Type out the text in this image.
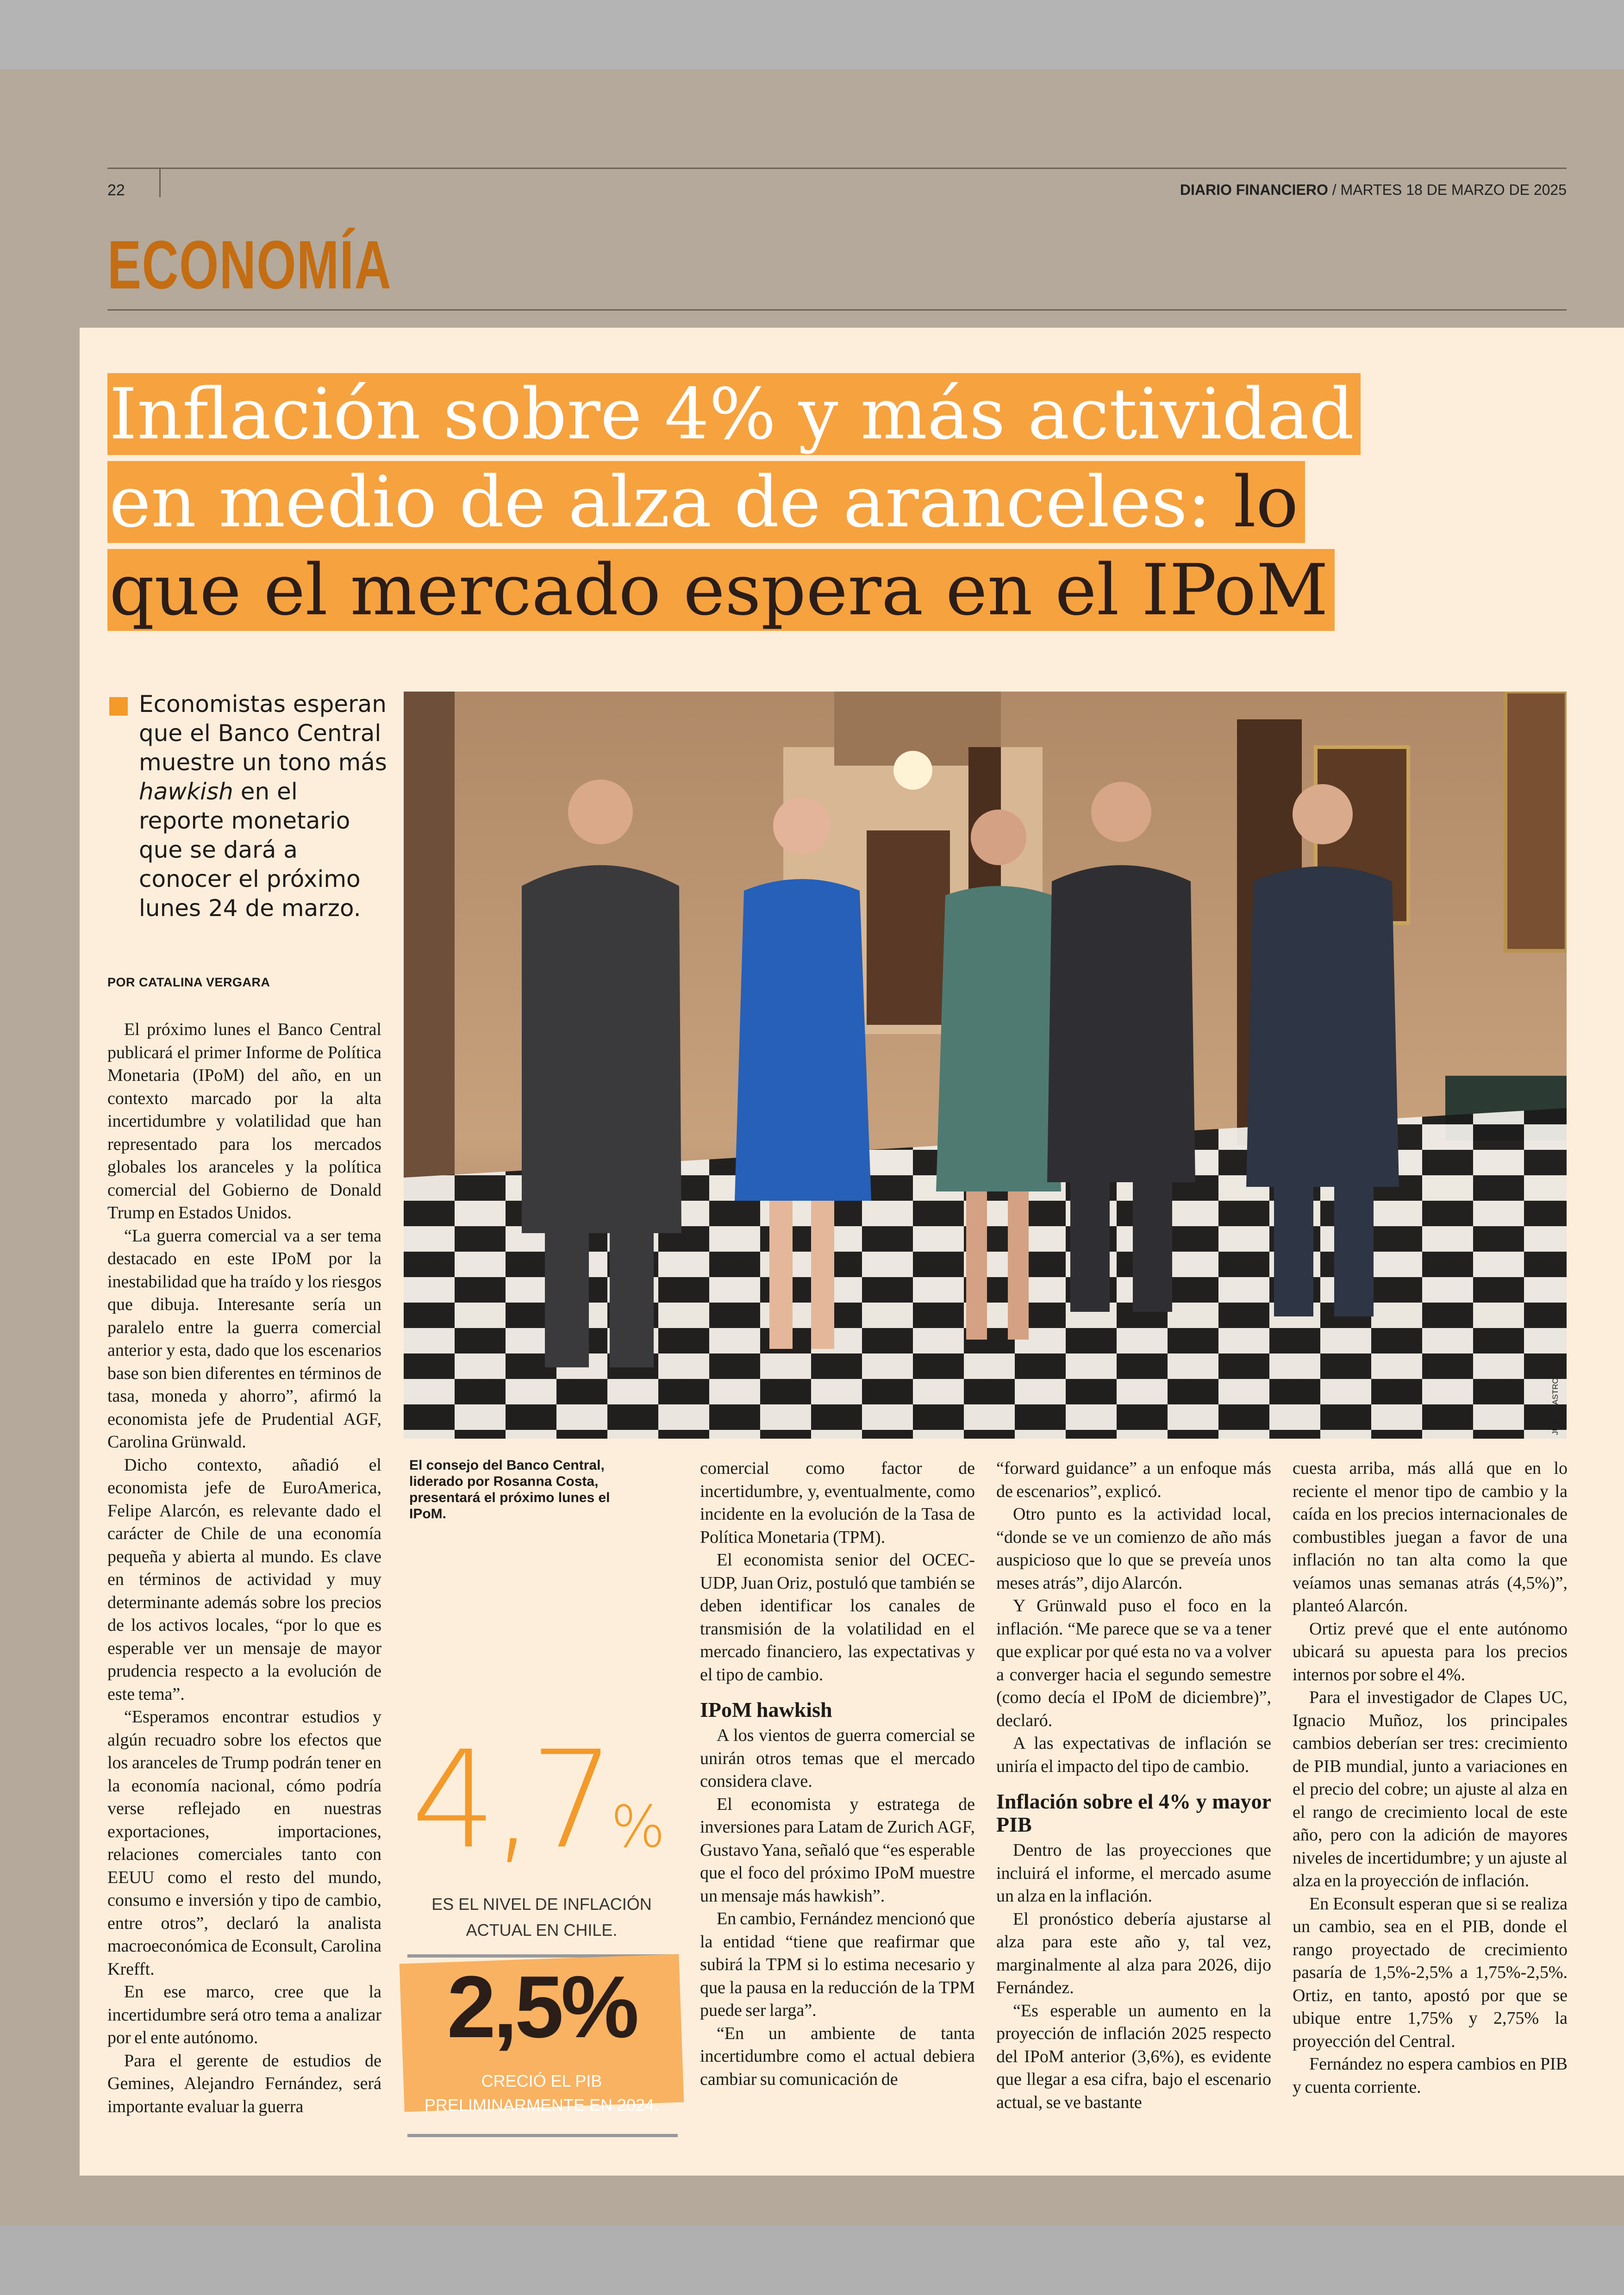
22	DIARIO FINANCIERO / MARTES 18 DE MARZO DE 2025
ECONOMÍA
Inflación sobre 4% y más actividad en medio de alza de aranceles: lo que el mercado espera en el IPoM

Economistas esperan que el Banco Central muestre un tono más hawkish en el reporte monetario que se dará a conocer el próximo lunes 24 de marzo.

POR CATALINA VERGARA
JULIO CASTRO

El consejo del Banco Central, liderado por Rosanna Costa, presentará el próximo lunes el IPoM.

El próximo lunes el Banco Central publicará el primer Informe de Política Monetaria (IPoM) del año, en un contexto marcado por la alta incertidumbre y volatilidad que han representado para los mercados globales los aranceles y la política comercial del Gobierno de Donald Trump en Estados Unidos.

“La guerra comercial va a ser tema destacado en este IPoM por la inestabilidad que ha traído y los riesgos que dibuja. Interesante sería un paralelo entre la guerra comercial anterior y esta, dado que los escenarios base son bien diferentes en términos de tasa, moneda y ahorro”, afirmó la economista jefe de Prudential AGF, Carolina Grünwald.

Dicho contexto, añadió el economista jefe de EuroAmerica, Felipe Alarcón, es relevante dado el carácter de Chile de una economía pequeña y abierta al mundo. Es clave en términos de actividad y muy determinante además sobre los precios de los activos locales, “por lo que es esperable ver un mensaje de mayor prudencia respecto a la evolución de este tema”.

“Esperamos encontrar estudios y algún recuadro sobre los efectos que los aranceles de Trump podrán tener en la economía nacional, cómo podría verse reflejado en nuestras exportaciones, importaciones, relaciones comerciales tanto con EEUU como el resto del mundo, consumo e inversión y tipo de cambio, entre otros”, declaró la analista macroeconómica de Econsult, Carolina Krefft.

En ese marco, cree que la incertidumbre será otro tema a analizar por el ente autónomo.

Para el gerente de estudios de Gemines, Alejandro Fernández, será importante evaluar la guerra

4,7%
ES EL NIVEL DE INFLACIÓN ACTUAL EN CHILE.
2,5%
CRECIÓ EL PIB PRELIMINARMENTE EN 2024.

comercial como factor de incertidumbre, y, eventualmente, como incidente en la evolución de la Tasa de Política Monetaria (TPM).

El economista senior del OCEC-UDP, Juan Oriz, postuló que también se deben identificar los canales de transmisión de la volatilidad en el mercado financiero, las expectativas y el tipo de cambio.

IPoM hawkish

A los vientos de guerra comercial se unirán otros temas que el mercado considera clave.

El economista y estratega de inversiones para Latam de Zurich AGF, Gustavo Yana, señaló que “es esperable que el foco del próximo IPoM muestre un mensaje más hawkish”.

En cambio, Fernández mencionó que la entidad “tiene que reafirmar que subirá la TPM si lo estima necesario y que la pausa en la reducción de la TPM puede ser larga”.

“En un ambiente de tanta incertidumbre como el actual debiera cambiar su comunicación de

“forward guidance” a un enfoque más de escenarios”, explicó.

Otro punto es la actividad local, “donde se ve un comienzo de año más auspicioso que lo que se preveía unos meses atrás”, dijo Alarcón.

Y Grünwald puso el foco en la inflación. “Me parece que se va a tener que explicar por qué esta no va a volver a converger hacia el segundo semestre (como decía el IPoM de diciembre)”, declaró.

A las expectativas de inflación se uniría el impacto del tipo de cambio.

Inflación sobre el 4% y mayor PIB

Dentro de las proyecciones que incluirá el informe, el mercado asume un alza en la inflación.

El pronóstico debería ajustarse al alza para este año y, tal vez, marginalmente al alza para 2026, dijo Fernández.

“Es esperable un aumento en la proyección de inflación 2025 respecto del IPoM anterior (3,6%), es evidente que llegar a esa cifra, bajo el escenario actual, se ve bastante

cuesta arriba, más allá que en lo reciente el menor tipo de cambio y la caída en los precios internacionales de combustibles juegan a favor de una inflación no tan alta como la que veíamos unas semanas atrás (4,5%)”, planteó Alarcón.

Ortiz prevé que el ente autónomo ubicará su apuesta para los precios internos por sobre el 4%.

Para el investigador de Clapes UC, Ignacio Muñoz, los principales cambios deberían ser tres: crecimiento de PIB mundial, junto a variaciones en el precio del cobre; un ajuste al alza en el rango de crecimiento local de este año, pero con la adición de mayores niveles de incertidumbre; y un ajuste al alza en la proyección de inflación.

En Econsult esperan que si se realiza un cambio, sea en el PIB, donde el rango proyectado de crecimiento pasaría de 1,5%-2,5% a 1,75%-2,5%. Ortiz, en tanto, apostó por que se ubique entre 1,75% y 2,75% la proyección del Central.

Fernández no espera cambios en PIB y cuenta corriente.
